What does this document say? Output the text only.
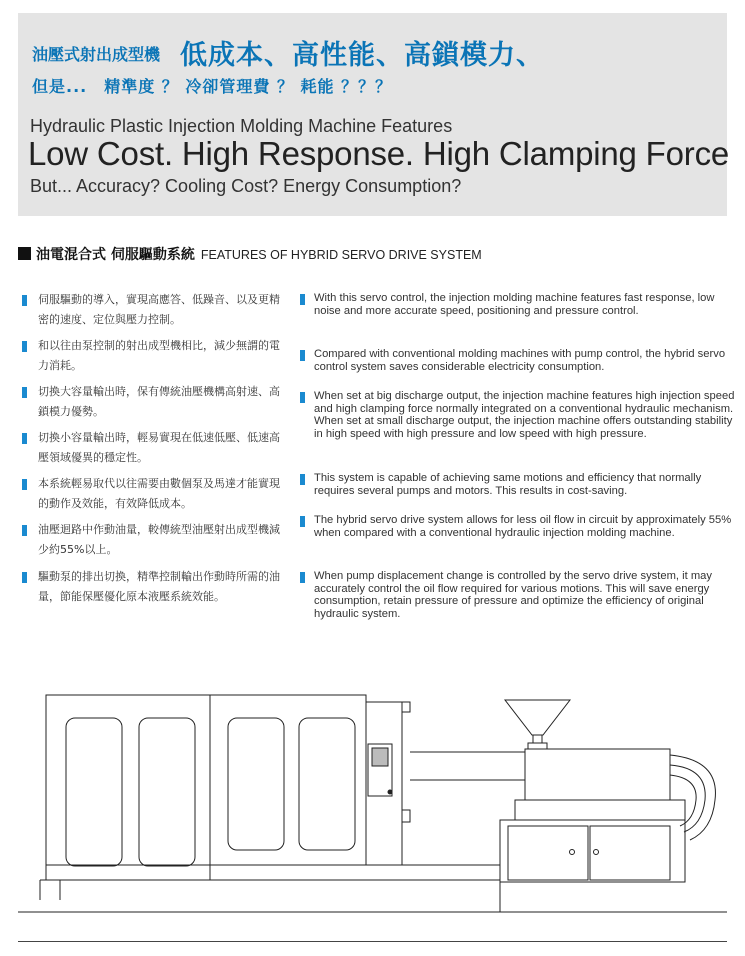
油壓式射出成型機 低成本、高性能、高鎖模力、
但是...　精準度 ？ 冷卻管理費 ？ 耗能 ？？？
Hydraulic Plastic Injection Molding Machine Features
Low Cost. High Response. High Clamping Force
But... Accuracy? Cooling Cost? Energy Consumption?
油電混合式 伺服驅動系統 FEATURES OF HYBRID SERVO DRIVE SYSTEM
伺服驅動的導入，實現高應答、低躁音、以及更精密的速度、定位與壓力控制。
和以往由泵控制的射出成型機相比，減少無謂的電力消耗。
切換大容量輸出時，保有傳統油壓機構高射速、高鎖模力優勢。
切換小容量輸出時，輕易實現在低速低壓、低速高壓領域優異的穩定性。
本系統輕易取代以往需要由數個泵及馬達才能實現的動作及效能，有效降低成本。
油壓迴路中作動油量，較傳統型油壓射出成型機減少約55%以上。
驅動泵的排出切換，精準控制輸出作動時所需的油量，節能保壓優化原本液壓系統效能。
With this servo control, the injection molding machine features fast response, low noise and more accurate speed, positioning and pressure control.
Compared with conventional molding machines with pump control, the hybrid servo control system saves considerable electricity consumption.
When set at big discharge output, the injection machine features high injection speed and high clamping force normally integrated on a conventional hydraulic mechanism. When set at small discharge output, the injection machine offers outstanding stability in high speed with high pressure and low speed with high pressure.
This system is capable of achieving same motions and efficiency that normally requires several pumps and motors. This results in cost-saving.
The hybrid servo drive system allows for less oil flow in circuit by approximately 55% when compared with a conventional hydraulic injection molding machine.
When pump displacement change is controlled by the servo drive system, it may accurately control the oil flow required for various motions. This will save energy consumption, retain pressure of pressure and optimize the efficiency of original hydraulic system.
